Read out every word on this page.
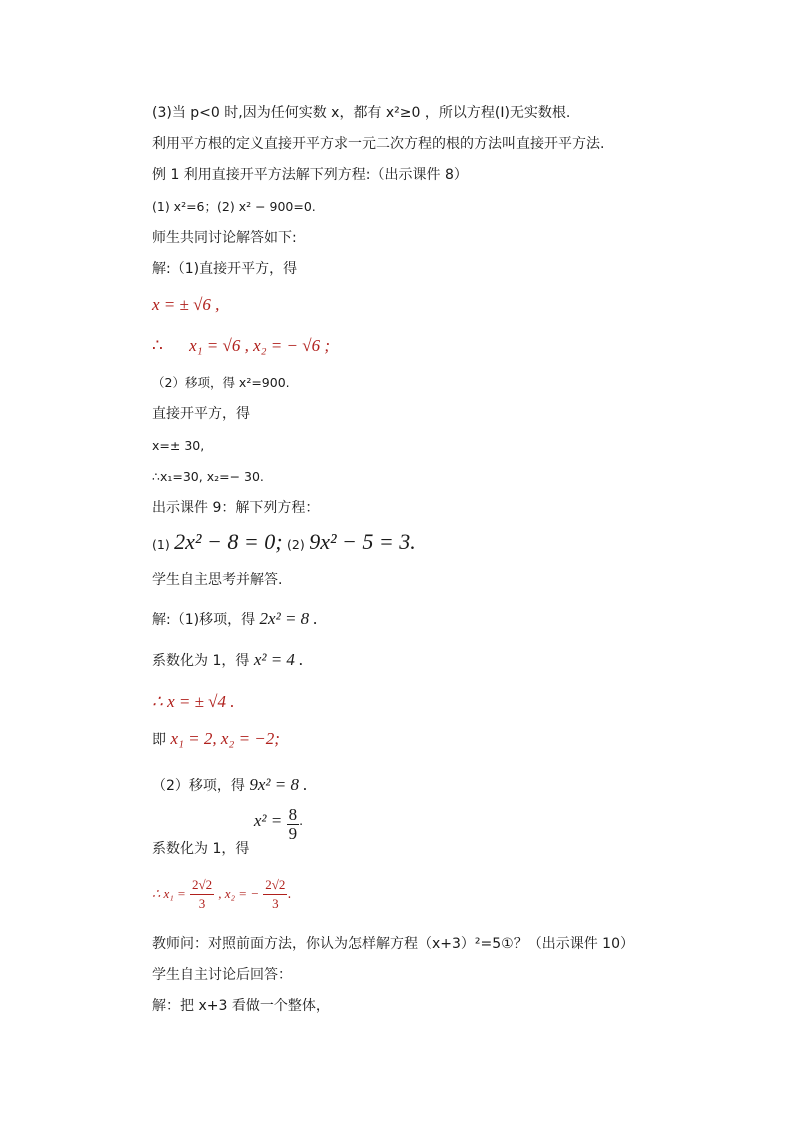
(3)当 p<0 时,因为任何实数 x，都有 x²≥0 ，所以方程(I)无实数根.
利用平方根的定义直接开平方求一元二次方程的根的方法叫直接开平方法.
例 1 利用直接开平方法解下列方程:（出示课件 8）
(1) x²=6；(2) x² − 900=0.
师生共同讨论解答如下:
解:（1)直接开平方，得
x = ± √6 ,
∴ x₁ = √6 , x₂ = − √6 ;
（2）移项，得 x²=900.
直接开平方，得
x=± 30,
∴x₁=30, x₂=− 30.
出示课件 9：解下列方程：
(1) 2x² − 8 = 0; (2) 9x² − 5 = 3.
学生自主思考并解答.
解:（1)移项，得 2x² = 8 .
系数化为 1，得 x² = 4 .
∴ x = ± √4 .
即 x₁ = 2, x₂ = −2;
（2）移项，得 9x² = 8 .
系数化为 1，得 $x^2 = \frac{8}{9}$ .
∴ $x_1 = \frac{2√2}{3}$ , x₂ = − $\frac{2√2}{3}$ .
教师问：对照前面方法，你认为怎样解方程（x+3）²=5①？（出示课件 10）
学生自主讨论后回答：
解：把 x+3 看做一个整体，
